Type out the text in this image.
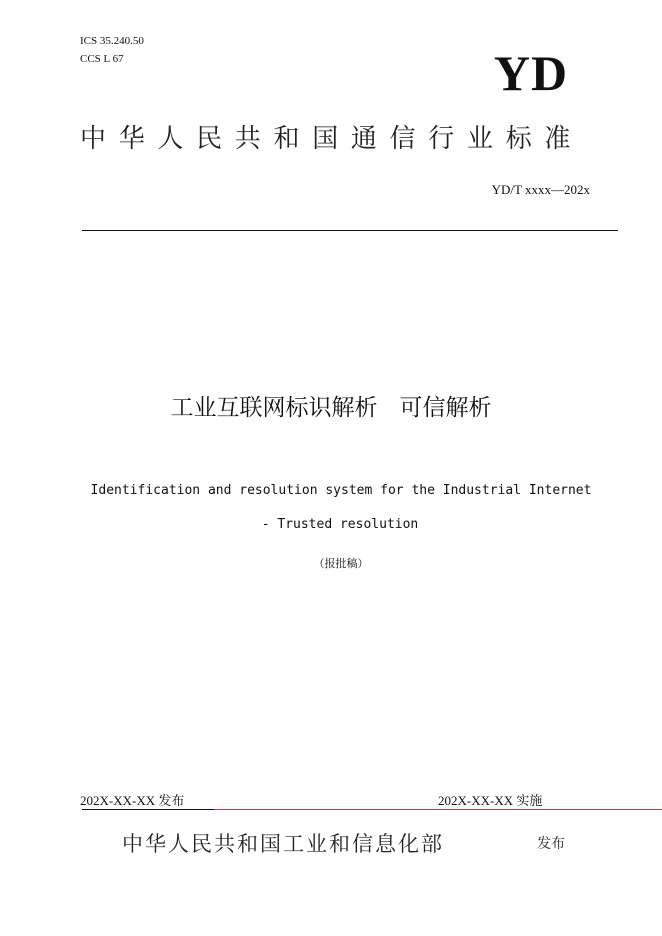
ICS 35.240.50
CCS L 67	YD
中华人民共和国通信行业标准
YD/T xxxx—202x
工业互联网标识解析   可信解析
Identification and resolution system for the Industrial Internet
- Trusted resolution
（报批稿）
202X-XX-XX 发布	202X-XX-XX 实施
中华人民共和国工业和信息化部	发布
